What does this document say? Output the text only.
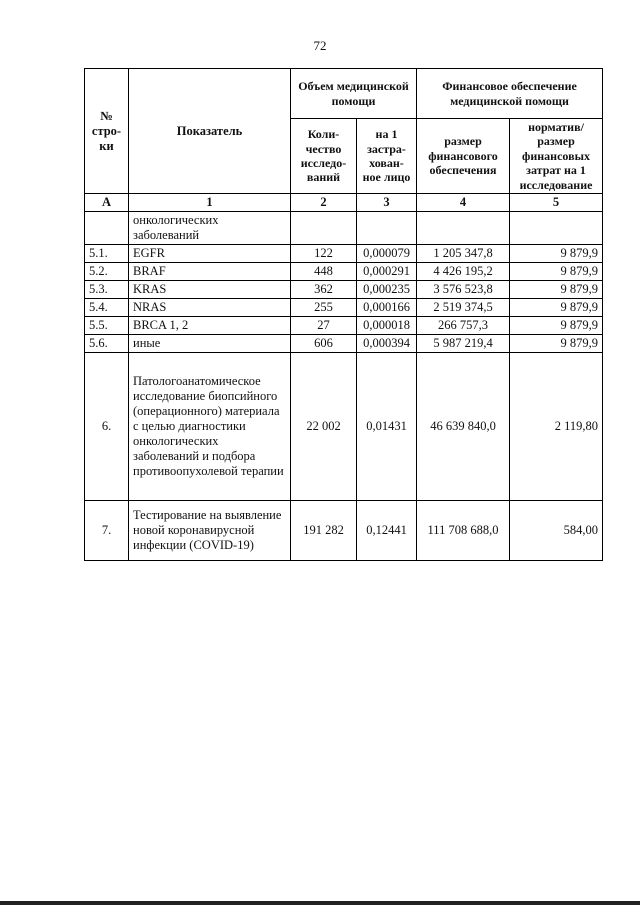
72
№ стро- ки	Показатель	Объем медицинской помощи		Финансовое обеспечение медицинской помощи	
		Коли- чество исследо- ваний	на 1 застра- хован- ное лицо	размер финансового обеспечения	норматив/ размер финансовых затрат на 1 исследование
А	1	2	3	4	5
	онкологических заболеваний				
5.1.	EGFR	122	0,000079	1 205 347,8	9 879,9
5.2.	BRAF	448	0,000291	4 426 195,2	9 879,9
5.3.	KRAS	362	0,000235	3 576 523,8	9 879,9
5.4.	NRAS	255	0,000166	2 519 374,5	9 879,9
5.5.	BRCA 1, 2	27	0,000018	266 757,3	9 879,9
5.6.	иные	606	0,000394	5 987 219,4	9 879,9
6.	Патологоанатомическое исследование биопсийного (операционного) материала с целью диагностики онкологических заболеваний и подбора противоопухолевой терапии	22 002	0,01431	46 639 840,0	2 119,80
7.	Тестирование на выявление новой коронавирусной инфекции (COVID-19)	191 282	0,12441	111 708 688,0	584,00
